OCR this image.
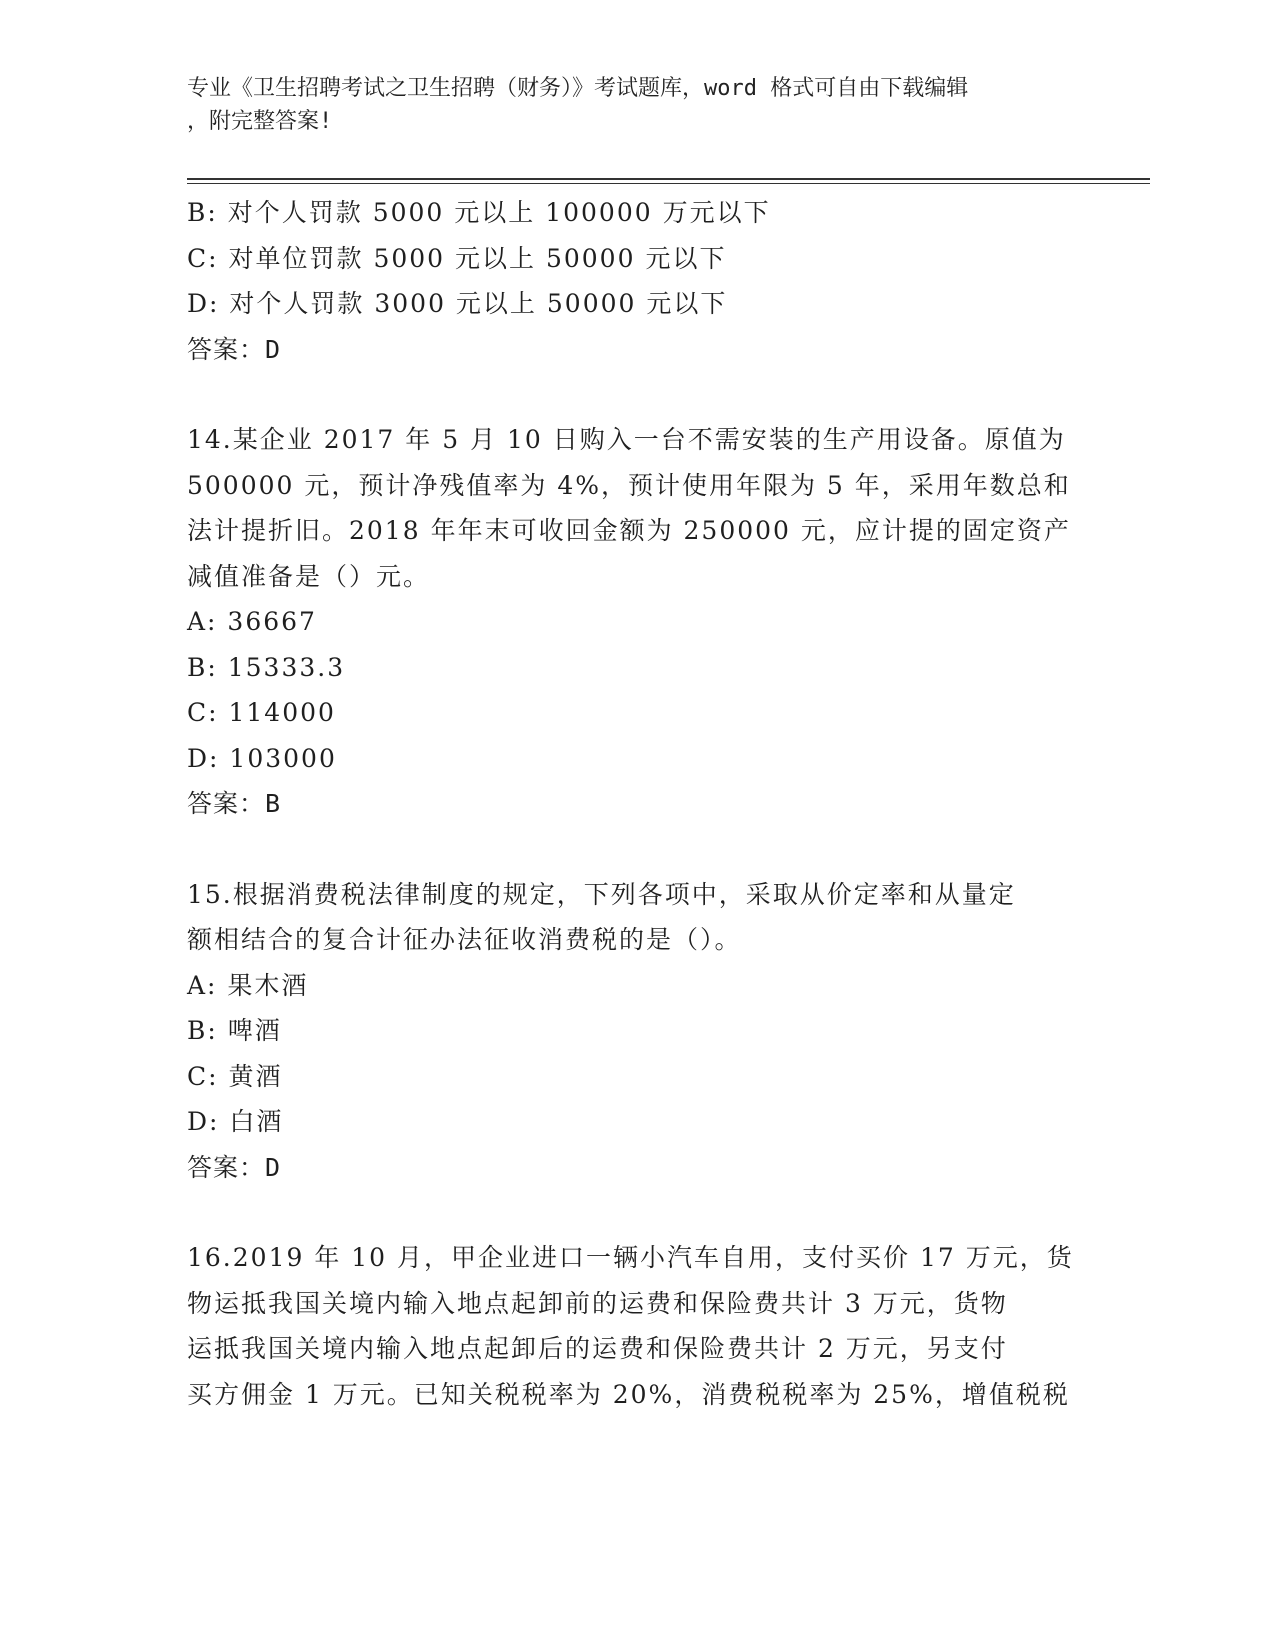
专业《卫生招聘考试之卫生招聘（财务）》考试题库，word 格式可自由下载编辑
，附完整答案!
B: 对个人罚款 5000 元以上 100000 万元以下
C: 对单位罚款 5000 元以上 50000 元以下
D: 对个人罚款 3000 元以上 50000 元以下
答案：D
14.某企业 2017 年 5 月 10 日购入一台不需安装的生产用设备。原值为
500000 元，预计净残值率为 4%，预计使用年限为 5 年，采用年数总和
法计提折旧。2018 年年末可收回金额为 250000 元，应计提的固定资产
减值准备是（）元。
A: 36667
B: 15333.3
C: 114000
D: 103000
答案：B
15.根据消费税法律制度的规定，下列各项中，采取从价定率和从量定
额相结合的复合计征办法征收消费税的是（）。
A: 果木酒
B: 啤酒
C: 黄酒
D: 白酒
答案：D
16.2019 年 10 月，甲企业进口一辆小汽车自用，支付买价 17 万元，货
物运抵我国关境内输入地点起卸前的运费和保险费共计 3 万元，货物
运抵我国关境内输入地点起卸后的运费和保险费共计 2 万元，另支付
买方佣金 1 万元。已知关税税率为 20%，消费税税率为 25%，增值税税
